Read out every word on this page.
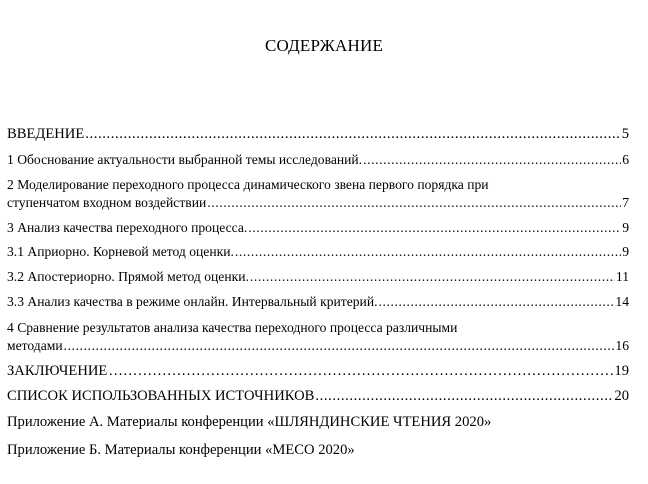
СОДЕРЖАНИЕ
ВВЕДЕНИЕ .....	5
1 Обоснование актуальности выбранной темы исследований. .....	6
2 Моделирование переходного процесса динамического звена первого порядка при
ступенчатом входном воздействии .....	7
3 Анализ качества переходного процесса. .....	9
3.1 Априорно. Корневой метод оценки. .....	9
3.2 Апостериорно. Прямой метод оценки. .....	11
3.3 Анализ качества в режиме онлайн. Интервальный критерий. .....	14
4 Сравнение результатов анализа качества переходного процесса различными
методами .....	16
ЗАКЛЮЧЕНИЕ ………………………………………………………………………………………………………………………………………………………………………………………………	19
СПИСОК ИСПОЛЬЗОВАННЫХ ИСТОЧНИКОВ .....	20
Приложение А. Материалы конференции «ШЛЯНДИНСКИЕ ЧТЕНИЯ 2020»
Приложение Б. Материалы конференции «МЕСО 2020»
